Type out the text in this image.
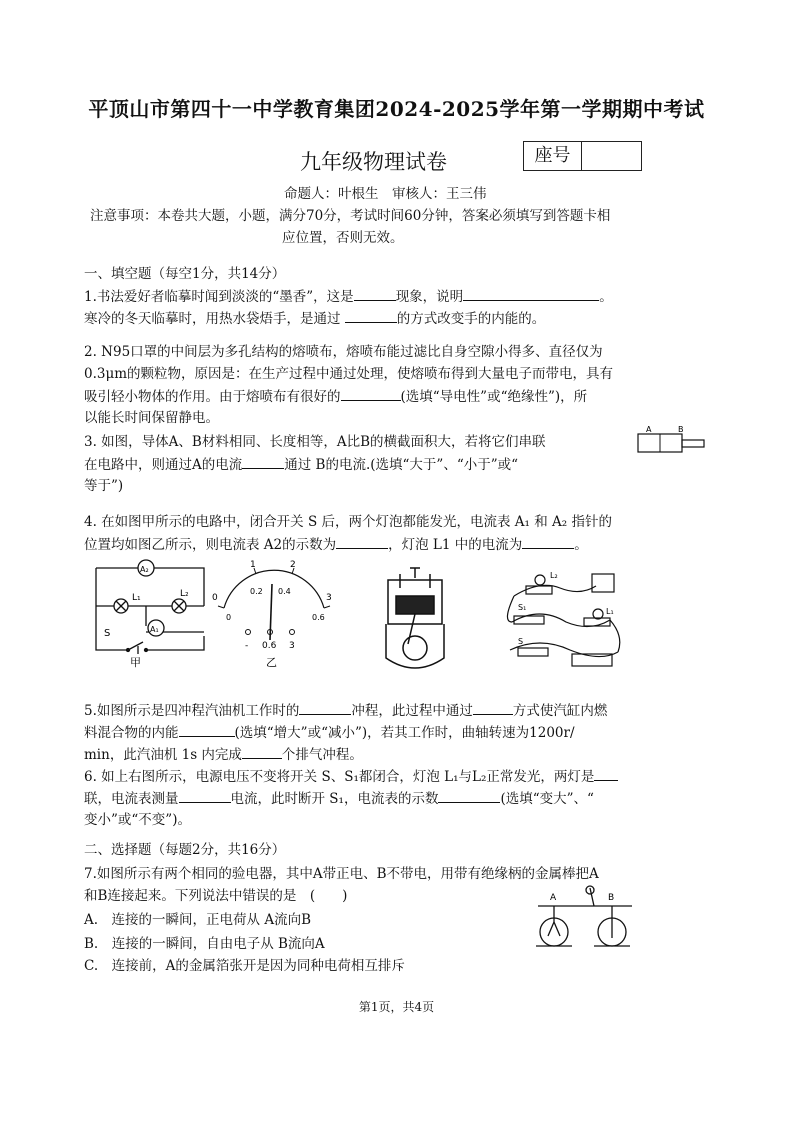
平顶山市第四十一中学教育集团2024-2025学年第一学期期中考试
九年级物理试卷	座号
命题人：叶根生　审核人：王三伟
注意事项：本卷共大题，小题，满分70分，考试时间60分钟，答案必须填写到答题卡相
应位置，否则无效。
一、填空题（每空1分，共14分）
1.书法爱好者临摹时闻到淡淡的“墨香”，这是	现象，说明	。
寒冷的冬天临摹时，用热水袋焐手，是通过	的方式改变手的内能的。
2. N95口罩的中间层为多孔结构的熔喷布，熔喷布能过滤比自身空隙小得多、直径仅为
0.3μm的颗粒物，原因是：在生产过程中通过处理，使熔喷布得到大量电子而带电，具有
吸引轻小物体的作用。由于熔喷布有很好的	(选填“导电性”或“绝缘性”)，所
以能长时间保留静电。
3. 如图，导体A、B材料相同、长度相等，A比B的横截面积大，若将它们串联
在电路中，则通过A的电流	通过 B的电流.(选填“大于”、“小于”或“
等于”)
A	B
4. 在如图甲所示的电路中，闭合开关 S 后，两个灯泡都能发光，电流表 A₁ 和 A₂ 指针的
位置均如图乙所示，则电流表 A2的示数为	，灯泡 L1 中的电流为	。
A₂
L₁	L₂
A₁
S
甲
0
1	2
3
0
0.2 0.4
0.6
- 0.6 3
乙
L₂
S₁	L₁
S
5.如图所示是四冲程汽油机工作时的	冲程，此过程中通过	方式使汽缸内燃
料混合物的内能	(选填“增大”或“减小”)，若其工作时，曲轴转速为1200r/
min，此汽油机 1s 内完成	个排气冲程。
6. 如上右图所示，电源电压不变将开关 S、S₁都闭合，灯泡 L₁与L₂正常发光，两灯是
联，电流表测量	电流，此时断开 S₁，电流表的示数	(选填“变大”、“
变小”或“不变”)。
二、选择题（每题2分，共16分）
7.如图所示有两个相同的验电器，其中A带正电、B不带电，用带有绝缘柄的金属棒把A
和B连接起来。下列说法中错误的是　(　　)
A.　连接的一瞬间，正电荷从 A流向B
B.　连接的一瞬间，自由电子从 B流向A
C.　连接前，A的金属箔张开是因为同种电荷相互排斥
A	B
第1页，共4页
